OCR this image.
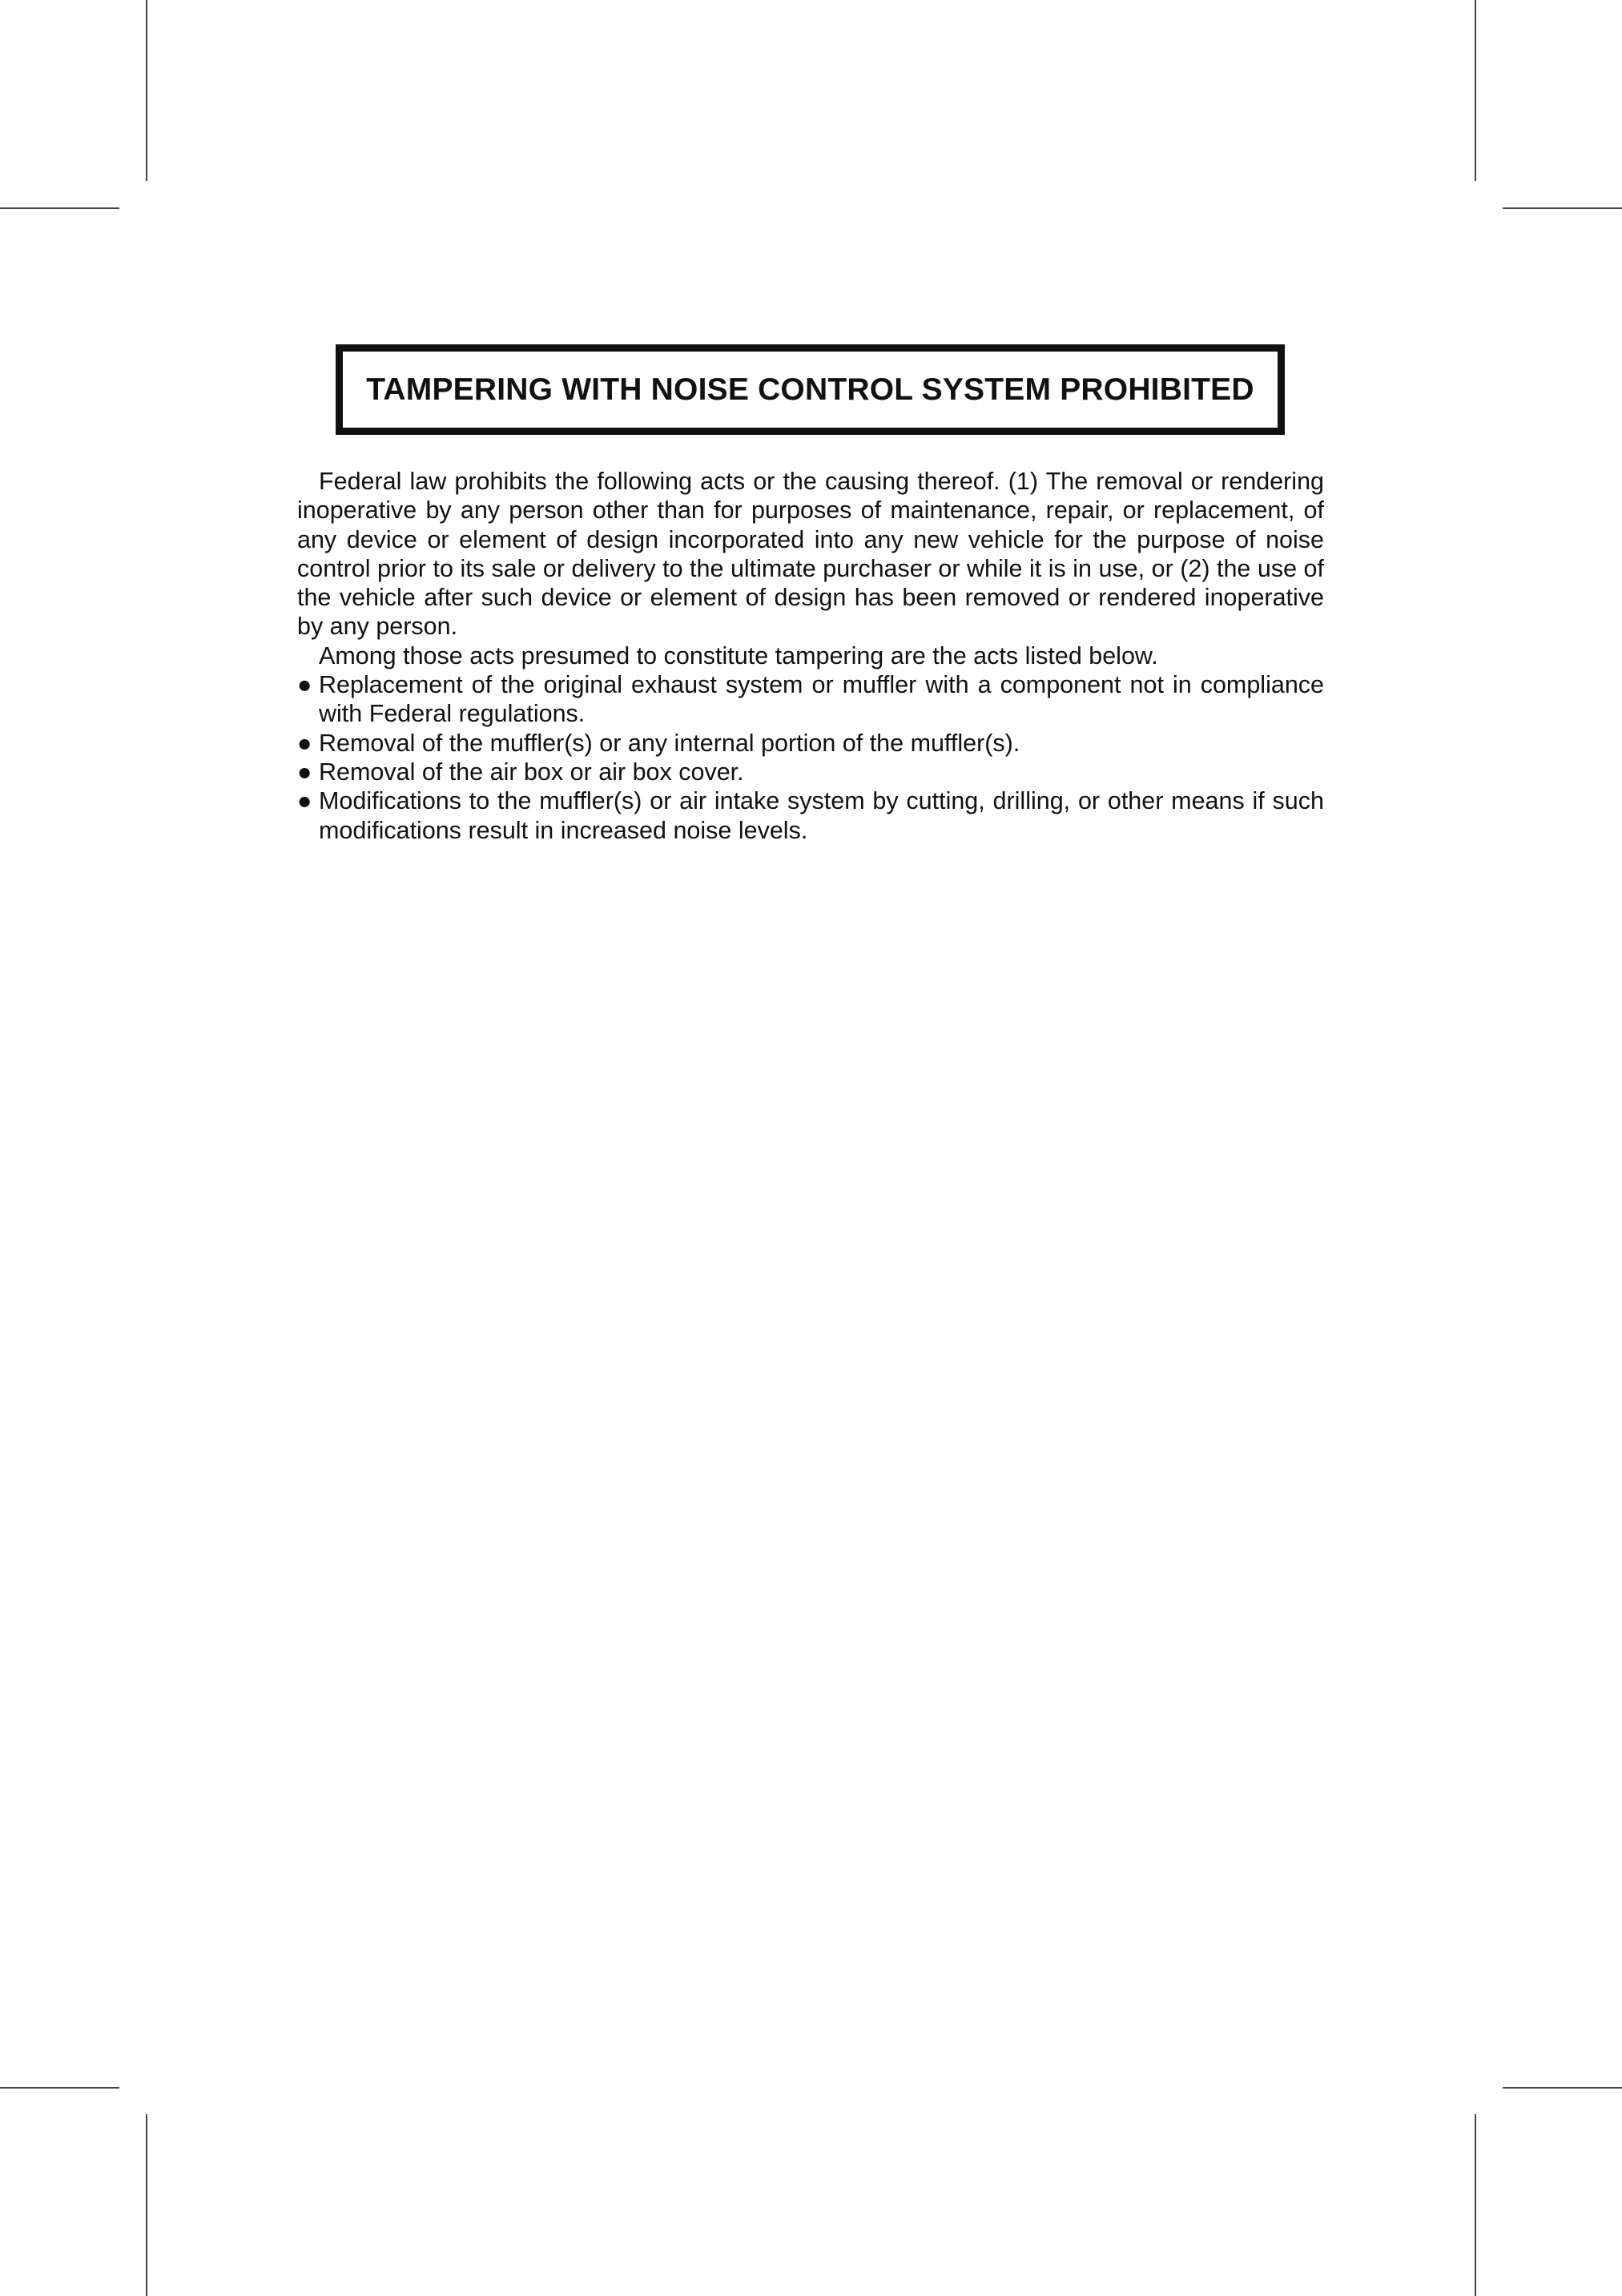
TAMPERING WITH NOISE CONTROL SYSTEM PROHIBITED

Federal law prohibits the following acts or the causing thereof. (1) The removal or rendering inoperative by any person other than for purposes of maintenance, repair, or replacement, of any device or element of design incorporated into any new vehicle for the purpose of noise control prior to its sale or delivery to the ultimate purchaser or while it is in use, or (2) the use of the vehicle after such device or element of design has been removed or rendered inoperative by any person.

Among those acts presumed to constitute tampering are the acts listed below.

● Replacement of the original exhaust system or muffler with a component not in compliance with Federal regulations.
● Removal of the muffler(s) or any internal portion of the muffler(s).
● Removal of the air box or air box cover.
● Modifications to the muffler(s) or air intake system by cutting, drilling, or other means if such modifications result in increased noise levels.
